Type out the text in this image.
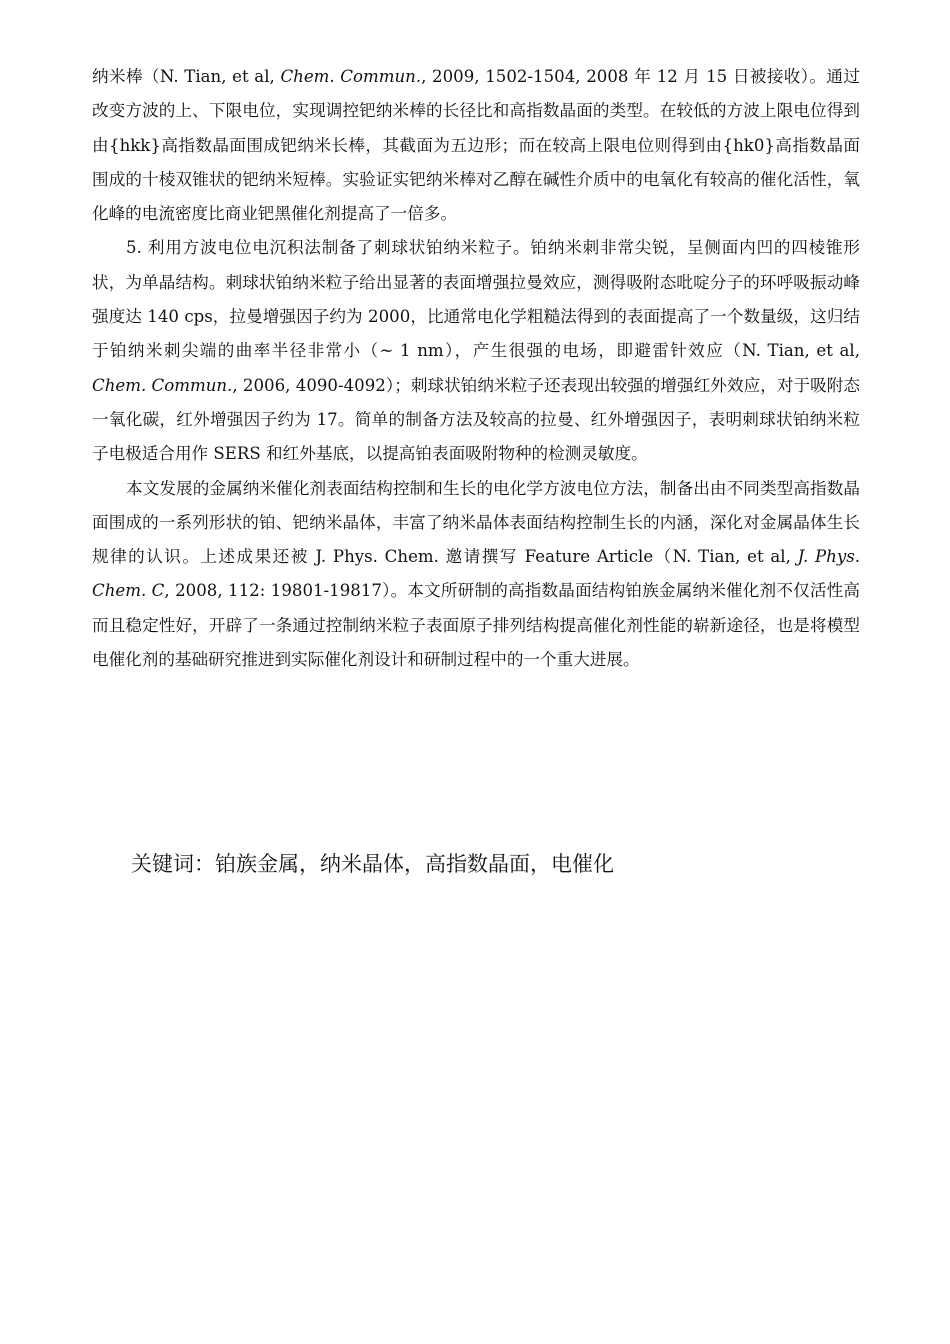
纳米棒（N. Tian, et al, Chem. Commun., 2009, 1502-1504, 2008 年 12 月 15 日被接收）。通过改变方波的上、下限电位，实现调控钯纳米棒的长径比和高指数晶面的类型。在较低的方波上限电位得到由{hkk}高指数晶面围成钯纳米长棒，其截面为五边形；而在较高上限电位则得到由{hk0}高指数晶面围成的十棱双锥状的钯纳米短棒。实验证实钯纳米棒对乙醇在碱性介质中的电氧化有较高的催化活性，氧化峰的电流密度比商业钯黑催化剂提高了一倍多。

5. 利用方波电位电沉积法制备了刺球状铂纳米粒子。铂纳米刺非常尖锐，呈侧面内凹的四棱锥形状，为单晶结构。刺球状铂纳米粒子给出显著的表面增强拉曼效应，测得吸附态吡啶分子的环呼吸振动峰强度达 140 cps，拉曼增强因子约为 2000，比通常电化学粗糙法得到的表面提高了一个数量级，这归结于铂纳米刺尖端的曲率半径非常小（~ 1 nm），产生很强的电场，即避雷针效应（N. Tian, et al, Chem. Commun., 2006, 4090-4092）；刺球状铂纳米粒子还表现出较强的增强红外效应，对于吸附态一氧化碳，红外增强因子约为 17。简单的制备方法及较高的拉曼、红外增强因子，表明刺球状铂纳米粒子电极适合用作 SERS 和红外基底，以提高铂表面吸附物种的检测灵敏度。

本文发展的金属纳米催化剂表面结构控制和生长的电化学方波电位方法，制备出由不同类型高指数晶面围成的一系列形状的铂、钯纳米晶体，丰富了纳米晶体表面结构控制生长的内涵，深化对金属晶体生长规律的认识。上述成果还被 J. Phys. Chem. 邀请撰写 Feature Article（N. Tian, et al, J. Phys. Chem. C, 2008, 112: 19801-19817）。本文所研制的高指数晶面结构铂族金属纳米催化剂不仅活性高而且稳定性好，开辟了一条通过控制纳米粒子表面原子排列结构提高催化剂性能的崭新途径，也是将模型电催化剂的基础研究推进到实际催化剂设计和研制过程中的一个重大进展。

关键词：铂族金属，纳米晶体，高指数晶面，电催化
